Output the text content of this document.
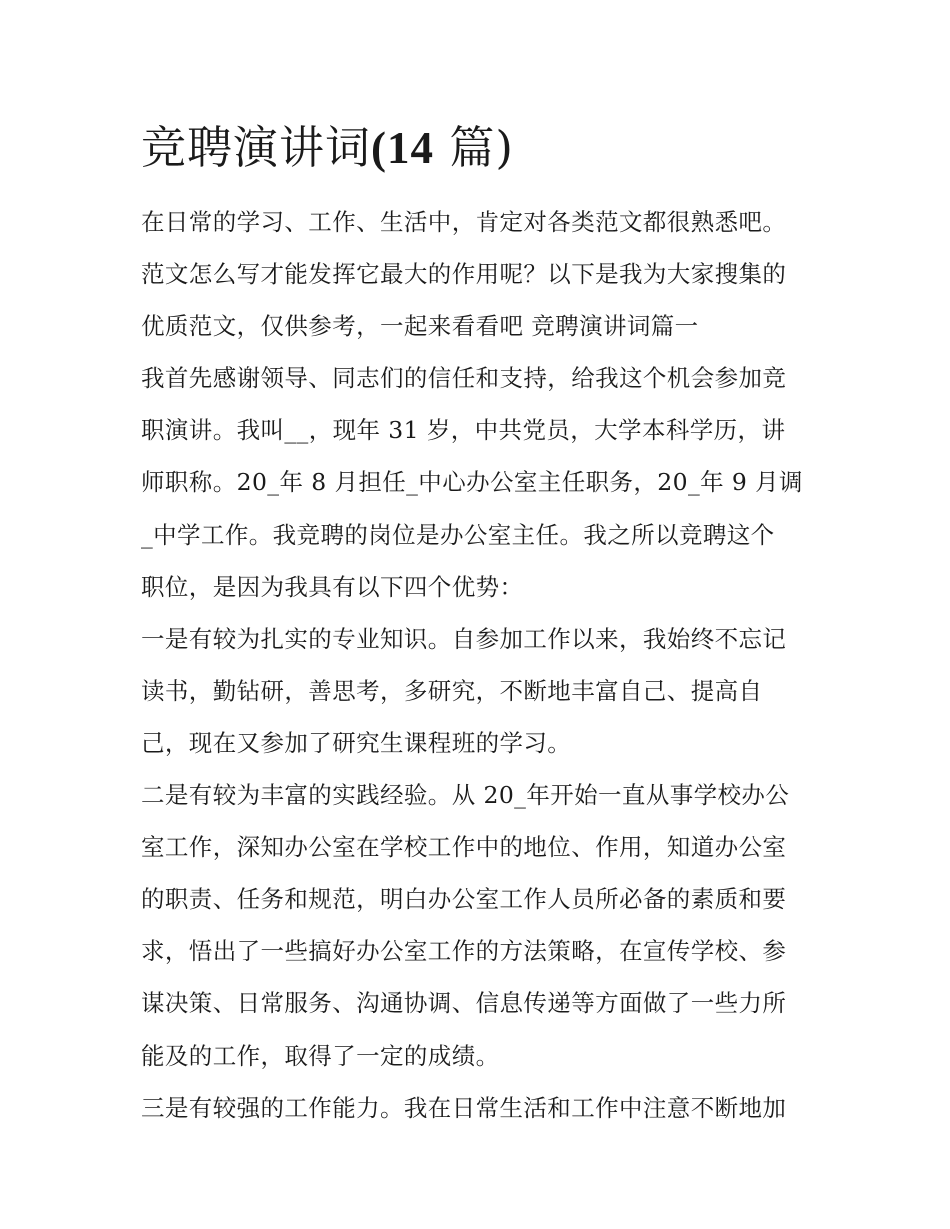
竞聘演讲词(14 篇)
在日常的学习、工作、生活中，肯定对各类范文都很熟悉吧。
范文怎么写才能发挥它最大的作用呢？以下是我为大家搜集的
优质范文，仅供参考，一起来看看吧 竞聘演讲词篇一
我首先感谢领导、同志们的信任和支持，给我这个机会参加竞
职演讲。我叫__，现年 31 岁，中共党员，大学本科学历，讲
师职称。20_年 8 月担任_中心办公室主任职务，20_年 9 月调
_中学工作。我竞聘的岗位是办公室主任。我之所以竞聘这个
职位，是因为我具有以下四个优势：
一是有较为扎实的专业知识。自参加工作以来，我始终不忘记
读书，勤钻研，善思考，多研究，不断地丰富自己、提高自
己，现在又参加了研究生课程班的学习。
二是有较为丰富的实践经验。从 20_年开始一直从事学校办公
室工作，深知办公室在学校工作中的地位、作用，知道办公室
的职责、任务和规范，明白办公室工作人员所必备的素质和要
求，悟出了一些搞好办公室工作的方法策略，在宣传学校、参
谋决策、日常服务、沟通协调、信息传递等方面做了一些力所
能及的工作，取得了一定的成绩。
三是有较强的工作能力。我在日常生活和工作中注意不断地加
